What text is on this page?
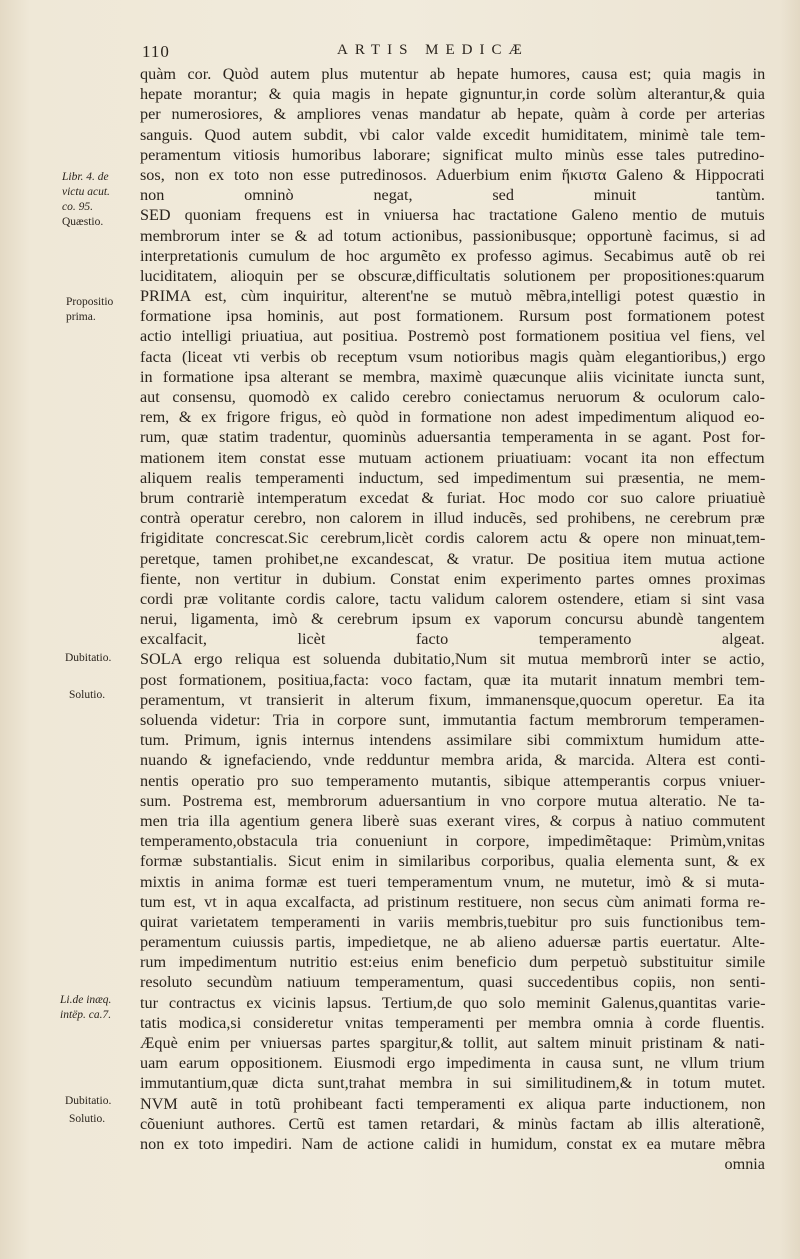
110	ARTIS MEDICÆ
Libr. 4. de
victu acut.
co. 95.
Quæstio.
Propositio
prima.
Dubitatio.
Solutio.
Li.de inæq.
intëp. ca.7.
Dubitatio.
Solutio.
quàm cor. Quòd autem plus mutentur ab hepate humores, causa est; quia magis in
hepate morantur; & quia magis in hepate gignuntur,in corde solùm alterantur,& quia
per numerosiores, & ampliores venas mandatur ab hepate, quàm à corde per arterias
sanguis. Quod autem subdit, vbi calor valde excedit humiditatem, minimè tale tem-
peramentum vitiosis humoribus laborare; significat multo minùs esse tales putredino-
sos, non ex toto non esse putredinosos. Aduerbium enim ἥκιστα Galeno & Hippocrati
non omninò negat, sed minuit tantùm.
SED quoniam frequens est in vniuersa hac tractatione Galeno mentio de mutuis
membrorum inter se & ad totum actionibus, passionibusque; opportunè facimus, si ad
interpretationis cumulum de hoc argumẽto ex professo agimus. Secabimus autẽ ob rei
luciditatem, alioquin per se obscuræ,difficultatis solutionem per propositiones:quarum
PRIMA est, cùm inquiritur, alterent'ne se mutuò mẽbra,intelligi potest quæstio in
formatione ipsa hominis, aut post formationem. Rursum post formationem potest
actio intelligi priuatiua, aut positiua. Postremò post formationem positiua vel fiens, vel
facta (liceat vti verbis ob receptum vsum notioribus magis quàm elegantioribus,) ergo
in formatione ipsa alterant se membra, maximè quæcunque aliis vicinitate iuncta sunt,
aut consensu, quomodò ex calido cerebro coniectamus neruorum & oculorum calo-
rem, & ex frigore frigus, eò quòd in formatione non adest impedimentum aliquod eo-
rum, quæ statim tradentur, quominùs aduersantia temperamenta in se agant. Post for-
mationem item constat esse mutuam actionem priuatiuam: vocant ita non effectum
aliquem realis temperamenti inductum, sed impedimentum sui præsentia, ne mem-
brum contrariè intemperatum excedat & furiat. Hoc modo cor suo calore priuatiuè
contrà operatur cerebro, non calorem in illud inducẽs, sed prohibens, ne cerebrum præ
frigiditate concrescat.Sic cerebrum,licèt cordis calorem actu & opere non minuat,tem-
peretque, tamen prohibet,ne excandescat, & vratur. De positiua item mutua actione
fiente, non vertitur in dubium. Constat enim experimento partes omnes proximas
cordi præ volitante cordis calore, tactu validum calorem ostendere, etiam si sint vasa
nerui, ligamenta, imò & cerebrum ipsum ex vaporum concursu abundè tangentem
excalfacit, licèt facto temperamento algeat.
SOLA ergo reliqua est soluenda dubitatio,Num sit mutua membrorũ inter se actio,
post formationem, positiua,facta: voco factam, quæ ita mutarit innatum membri tem-
peramentum, vt transierit in alterum fixum, immanensque,quocum operetur. Ea ita
soluenda videtur: Tria in corpore sunt, immutantia factum membrorum temperamen-
tum. Primum, ignis internus intendens assimilare sibi commixtum humidum atte-
nuando & ignefaciendo, vnde redduntur membra arida, & marcida. Altera est conti-
nentis operatio pro suo temperamento mutantis, sibique attemperantis corpus vniuer-
sum. Postrema est, membrorum aduersantium in vno corpore mutua alteratio. Ne ta-
men tria illa agentium genera liberè suas exerant vires, & corpus à natiuo commutent
temperamento,obstacula tria conueniunt in corpore, impedimẽtaque: Primùm,vnitas
formæ substantialis. Sicut enim in similaribus corporibus, qualia elementa sunt, & ex
mixtis in anima formæ est tueri temperamentum vnum, ne mutetur, imò & si muta-
tum est, vt in aqua excalfacta, ad pristinum restituere, non secus cùm animati forma re-
quirat varietatem temperamenti in variis membris,tuebitur pro suis functionibus tem-
peramentum cuiussis partis, impedietque, ne ab alieno aduersæ partis euertatur. Alte-
rum impedimentum nutritio est:eius enim beneficio dum perpetuò substituitur simile
resoluto secundùm natiuum temperamentum, quasi succedentibus copiis, non senti-
tur contractus ex vicinis lapsus. Tertium,de quo solo meminit Galenus,quantitas varie-
tatis modica,si consideretur vnitas temperamenti per membra omnia à corde fluentis.
Æquè enim per vniuersas partes spargitur,& tollit, aut saltem minuit pristinam & nati-
uam earum oppositionem. Eiusmodi ergo impedimenta in causa sunt, ne vllum trium
immutantium,quæ dicta sunt,trahat membra in sui similitudinem,& in totum mutet.
NVM autẽ in totũ prohibeant facti temperamenti ex aliqua parte inductionem, non
cõueniunt authores. Certũ est tamen retardari, & minùs factam ab illis alterationẽ,
non ex toto impediri. Nam de actione calidi in humidum, constat ex ea mutare mẽbra
omnia
